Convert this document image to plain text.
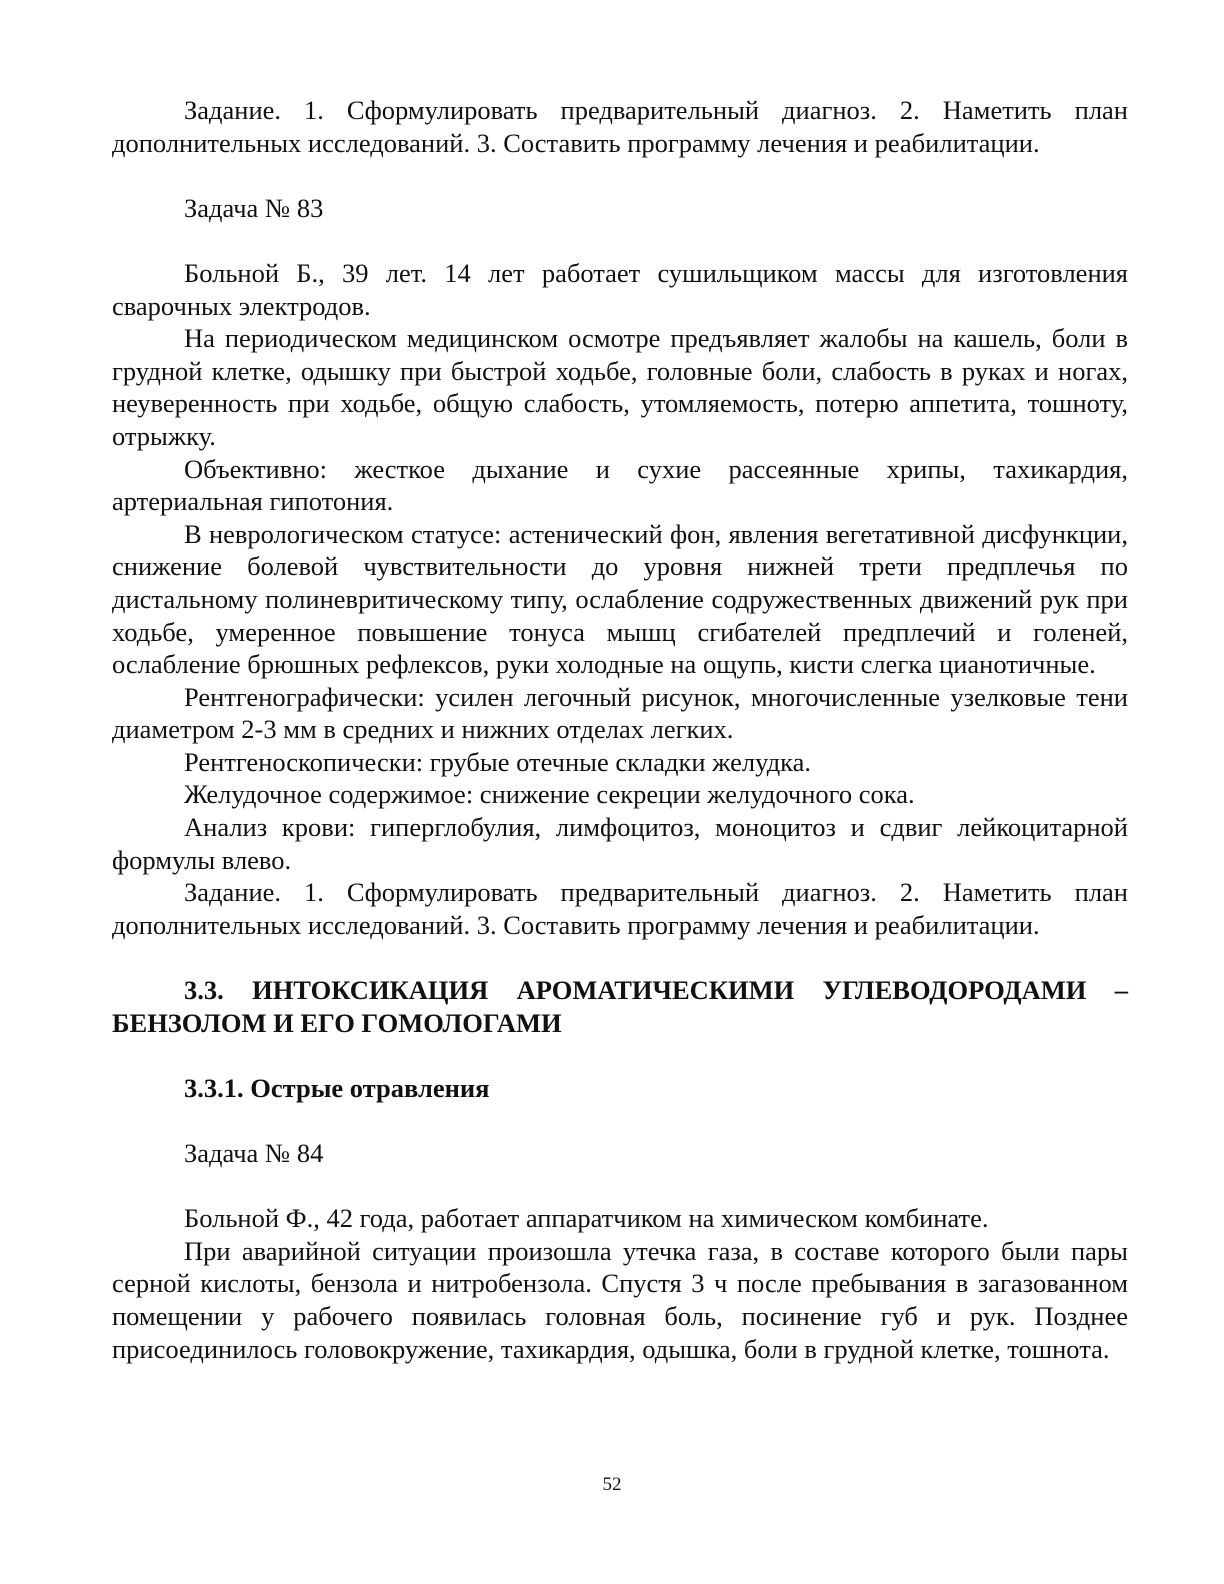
Задание. 1. Сформулировать предварительный диагноз. 2. Наметить план дополнительных исследований. 3. Составить программу лечения и реабилитации.

Задача № 83

Больной Б., 39 лет. 14 лет работает сушильщиком массы для изготовления сварочных электродов.

На периодическом медицинском осмотре предъявляет жалобы на кашель, боли в грудной клетке, одышку при быстрой ходьбе, головные боли, слабость в руках и ногах, неуверенность при ходьбе, общую слабость, утомляемость, потерю аппетита, тошноту, отрыжку.

Объективно: жесткое дыхание и сухие рассеянные хрипы, тахикардия, артериальная гипотония.

В неврологическом статусе: астенический фон, явления вегетативной дисфункции, снижение болевой чувствительности до уровня нижней трети предплечья по дистальному полиневритическому типу, ослабление содружественных движений рук при ходьбе, умеренное повышение тонуса мышц сгибателей предплечий и голеней, ослабление брюшных рефлексов, руки холодные на ощупь, кисти слегка цианотичные.

Рентгенографически: усилен легочный рисунок, многочисленные узелковые тени диаметром 2-3 мм в средних и нижних отделах легких.

Рентгеноскопически: грубые отечные складки желудка.

Желудочное содержимое: снижение секреции желудочного сока.

Анализ крови: гиперглобулия, лимфоцитоз, моноцитоз и сдвиг лейкоцитарной формулы влево.

Задание. 1. Сформулировать предварительный диагноз. 2. Наметить план дополнительных исследований. 3. Составить программу лечения и реабилитации.

3.3. ИНТОКСИКАЦИЯ АРОМАТИЧЕСКИМИ УГЛЕВОДОРОДАМИ – БЕНЗОЛОМ И ЕГО ГОМОЛОГАМИ

3.3.1. Острые отравления

Задача № 84

Больной Ф., 42 года, работает аппаратчиком на химическом комбинате.

При аварийной ситуации произошла утечка газа, в составе которого были пары серной кислоты, бензола и нитробензола. Спустя 3 ч после пребывания в загазованном помещении у рабочего появилась головная боль, посинение губ и рук. Позднее присоединилось головокружение, тахикардия, одышка, боли в грудной клетке, тошнота.

52
